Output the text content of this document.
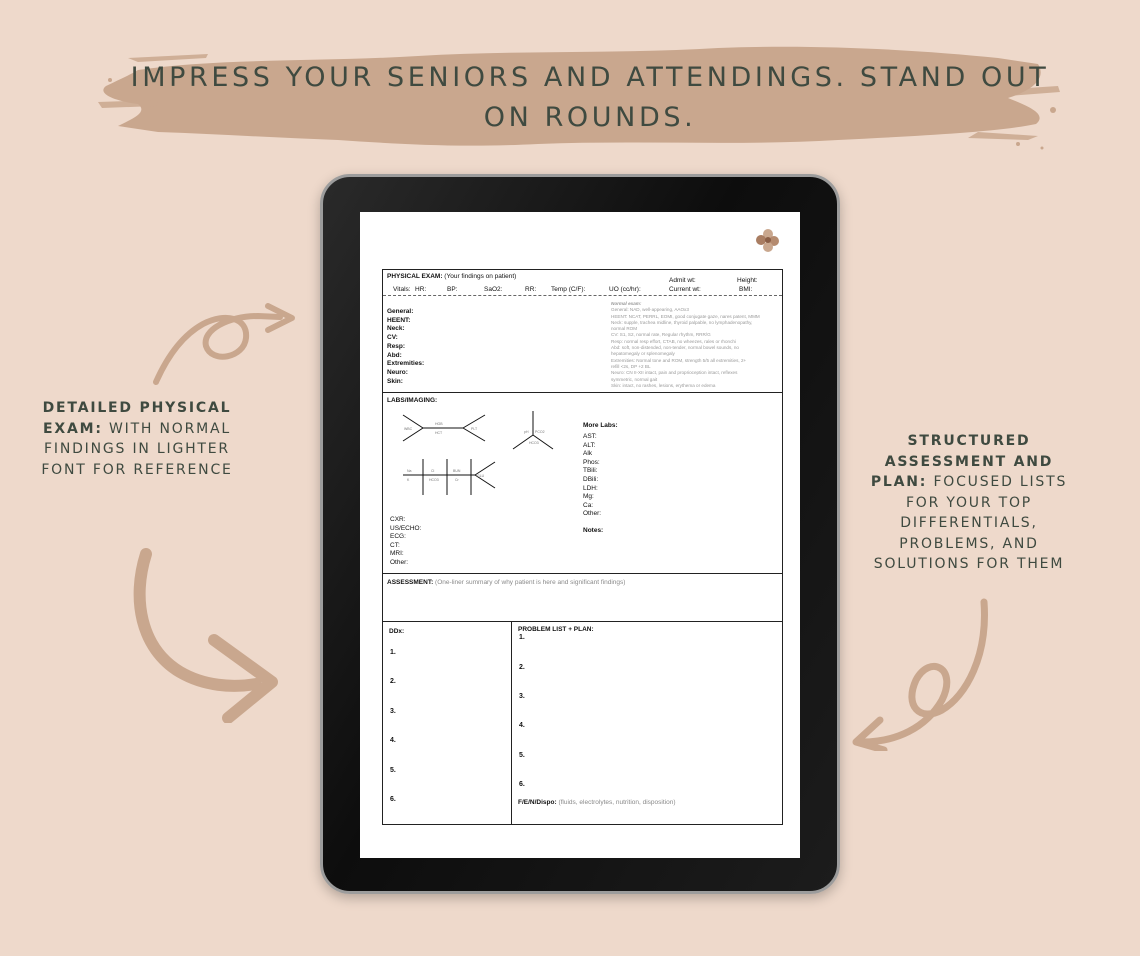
IMPRESS YOUR SENIORS AND ATTENDINGS. STAND OUT ON ROUNDS.
DETAILED PHYSICAL EXAM: WITH NORMAL FINDINGS IN LIGHTER FONT FOR REFERENCE
STRUCTURED ASSESSMENT AND PLAN: FOCUSED LISTS FOR YOUR TOP DIFFERENTIALS, PROBLEMS, AND SOLUTIONS FOR THEM
PHYSICAL EXAM: (Your findings on patient)
Vitals: HR:	BP:	SaO2:	RR: Temp (C/F):	UO (cc/hr):
Admit wt:	Height:
Current wt:	BMI:
General:
HEENT:
Neck:
CV:
Resp:
Abd:
Extremities:
Neuro:
Skin:
Normal exam:
General: NAD, well-appearing, AAOx3
HEENT: NCAT, PERRL, EOMI, good conjugate gaze, nares patent, MMM
Neck: supple, trachea midline, thyroid palpable, no lymphadenopathy,
normal ROM
CV: S1, S2, normal rate, Regular rhythm, RRR/G
Resp: normal resp effort, CTAB, no wheezes, rales or rhonchi
Abd: soft, non-distended, non-tender, normal bowel sounds, no
hepatomegaly or splenomegaly
Extremities: Normal tone and ROM, strength 5/5 all extremities, 2+
refill <2s, DP +2 BL
Neuro: CN II-XII intact, pain and proprioception intact, reflexes
symmetric, normal gait
Skin: intact, no rashes, lesions, erythema or edema
LABS/IMAGING:
WBC
HGB
HCT
PLT
pH PCO2
HCO3
Na
K
Cl
HCO3
BUN
Cr
GLU
CXR:
US/ECHO:
ECG:
CT:
MRI:
Other:
More Labs:
AST:
ALT:
Alk
Phos:
TBili:
DBili:
LDH:
Mg:
Ca:
Other:
Notes:
ASSESSMENT: (One-liner summary of why patient is here and significant findings)
DDx:
1.
2.
3.
4.
5.
6.
PROBLEM LIST + PLAN:
1.
2.
3.
4.
5.
6.
F/E/N/Dispo: (fluids, electrolytes, nutrition, disposition)
